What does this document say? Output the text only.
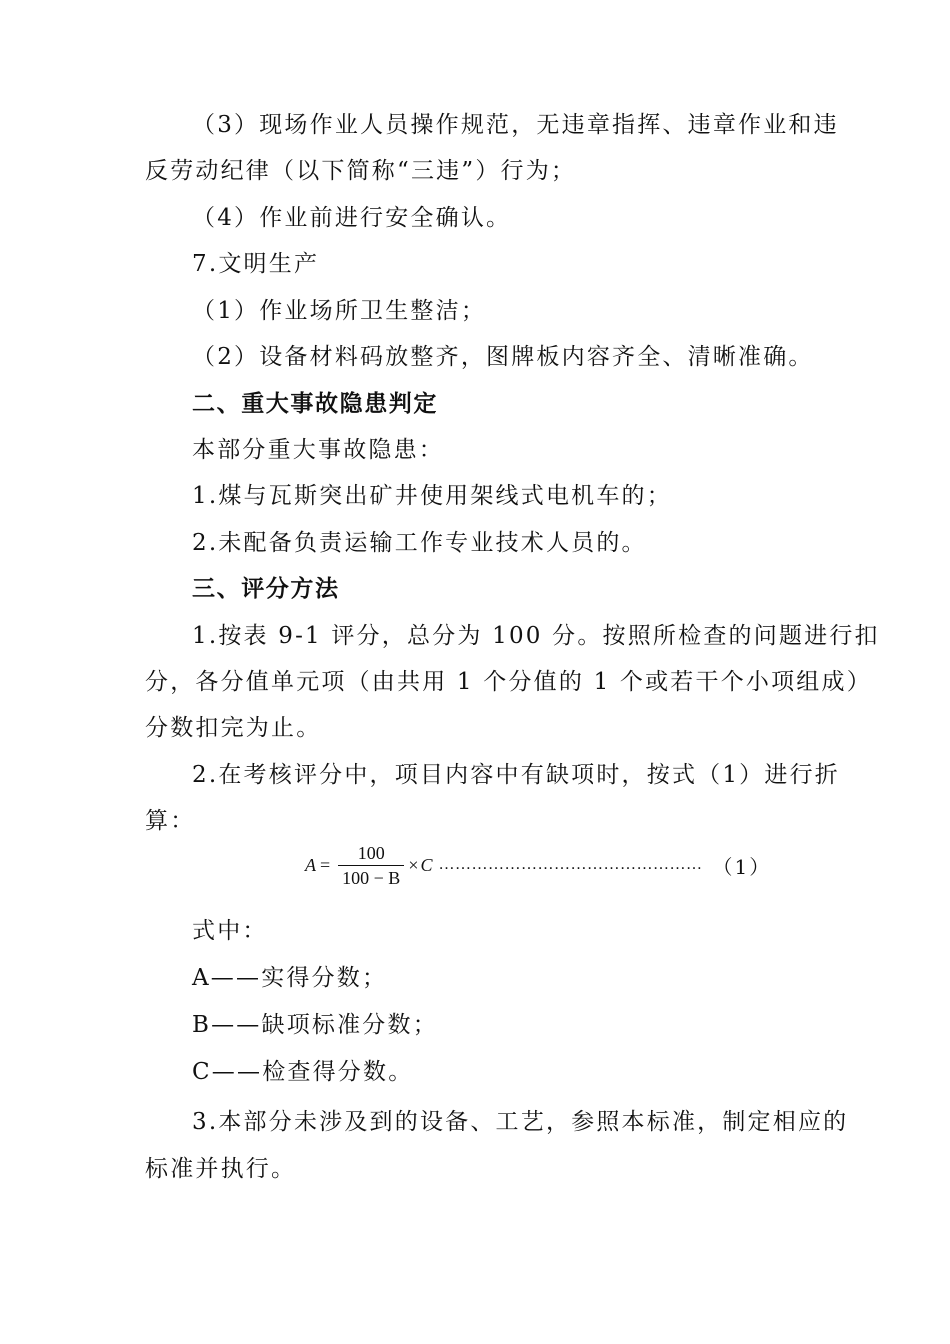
（3）现场作业人员操作规范，无违章指挥、违章作业和违
反劳动纪律（以下简称“三违”）行为；
（4）作业前进行安全确认。
7.文明生产
（1）作业场所卫生整洁；
（2）设备材料码放整齐，图牌板内容齐全、清晰准确。
二、重大事故隐患判定
本部分重大事故隐患：
1.煤与瓦斯突出矿井使用架线式电机车的；
2.未配备负责运输工作专业技术人员的。
三、评分方法
1.按表 9-1 评分，总分为 100 分。按照所检查的问题进行扣
分，各分值单元项（由共用 1 个分值的 1 个或若干个小项组成）
分数扣完为止。
2.在考核评分中，项目内容中有缺项时，按式（1）进行折
算：
$A = \frac{100}{100 - B} \times C$ ………………………………………… （1）
式中：
A——实得分数；
B——缺项标准分数；
C——检查得分数。
3.本部分未涉及到的设备、工艺，参照本标准，制定相应的
标准并执行。
